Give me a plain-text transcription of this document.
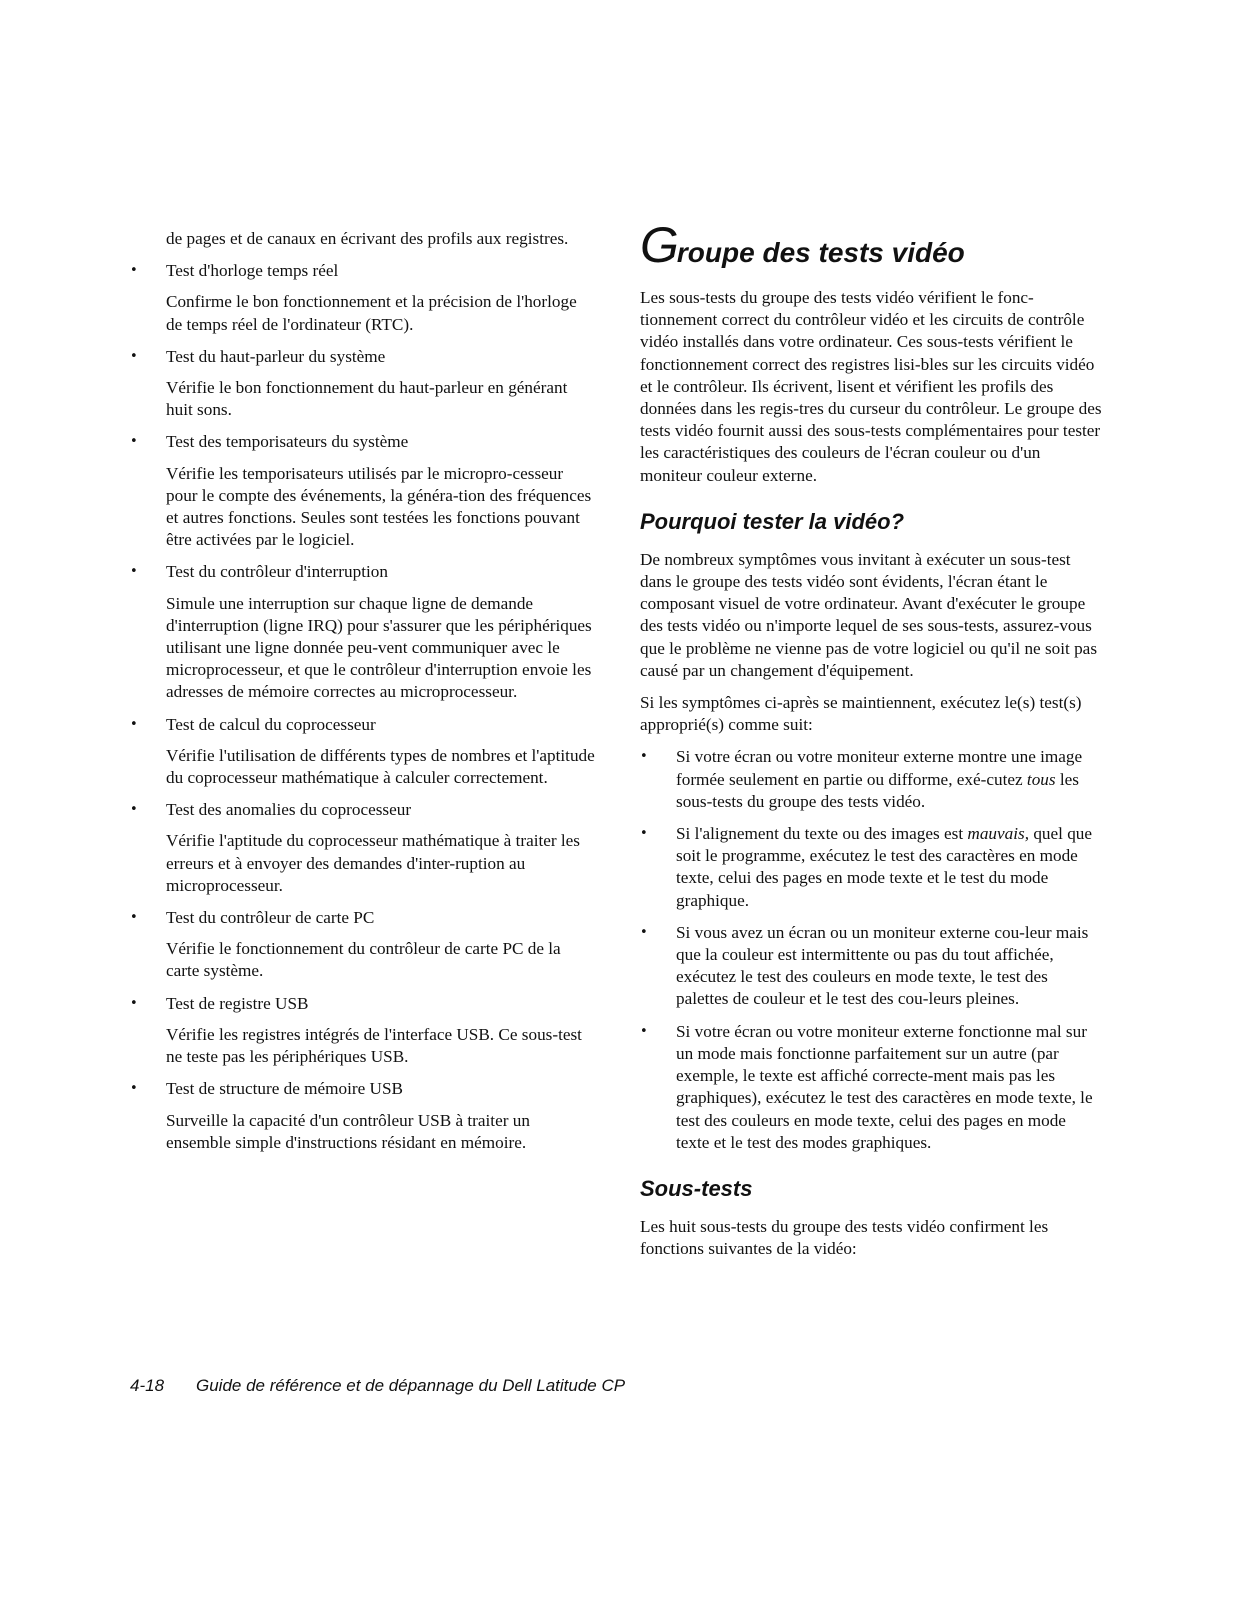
de pages et de canaux en écrivant des profils aux registres.

• Test d'horloge temps réel

Confirme le bon fonctionnement et la précision de l'horloge de temps réel de l'ordinateur (RTC).

• Test du haut-parleur du système

Vérifie le bon fonctionnement du haut-parleur en générant huit sons.

• Test des temporisateurs du système

Vérifie les temporisateurs utilisés par le micropro-cesseur pour le compte des événements, la généra-tion des fréquences et autres fonctions. Seules sont testées les fonctions pouvant être activées par le logiciel.

• Test du contrôleur d'interruption

Simule une interruption sur chaque ligne de demande d'interruption (ligne IRQ) pour s'assurer que les périphériques utilisant une ligne donnée peu-vent communiquer avec le microprocesseur, et que le contrôleur d'interruption envoie les adresses de mémoire correctes au microprocesseur.

• Test de calcul du coprocesseur

Vérifie l'utilisation de différents types de nombres et l'aptitude du coprocesseur mathématique à calculer correctement.

• Test des anomalies du coprocesseur

Vérifie l'aptitude du coprocesseur mathématique à traiter les erreurs et à envoyer des demandes d'inter-ruption au microprocesseur.

• Test du contrôleur de carte PC

Vérifie le fonctionnement du contrôleur de carte PC de la carte système.

• Test de registre USB

Vérifie les registres intégrés de l'interface USB. Ce sous-test ne teste pas les périphériques USB.

• Test de structure de mémoire USB

Surveille la capacité d'un contrôleur USB à traiter un ensemble simple d'instructions résidant en mémoire.

Groupe des tests vidéo

Les sous-tests du groupe des tests vidéo vérifient le fonc-tionnement correct du contrôleur vidéo et les circuits de contrôle vidéo installés dans votre ordinateur. Ces sous-tests vérifient le fonctionnement correct des registres lisi-bles sur les circuits vidéo et le contrôleur. Ils écrivent, lisent et vérifient les profils des données dans les regis-tres du curseur du contrôleur. Le groupe des tests vidéo fournit aussi des sous-tests complémentaires pour tester les caractéristiques des couleurs de l'écran couleur ou d'un moniteur couleur externe.

Pourquoi tester la vidéo?

De nombreux symptômes vous invitant à exécuter un sous-test dans le groupe des tests vidéo sont évidents, l'écran étant le composant visuel de votre ordinateur. Avant d'exécuter le groupe des tests vidéo ou n'importe lequel de ses sous-tests, assurez-vous que le problème ne vienne pas de votre logiciel ou qu'il ne soit pas causé par un changement d'équipement.

Si les symptômes ci-après se maintiennent, exécutez le(s) test(s) approprié(s) comme suit:

• Si votre écran ou votre moniteur externe montre une image formée seulement en partie ou difforme, exé-cutez tous les sous-tests du groupe des tests vidéo.
• Si l'alignement du texte ou des images est mauvais, quel que soit le programme, exécutez le test des caractères en mode texte, celui des pages en mode texte et le test du mode graphique.
• Si vous avez un écran ou un moniteur externe cou-leur mais que la couleur est intermittente ou pas du tout affichée, exécutez le test des couleurs en mode texte, le test des palettes de couleur et le test des cou-leurs pleines.
• Si votre écran ou votre moniteur externe fonctionne mal sur un mode mais fonctionne parfaitement sur un autre (par exemple, le texte est affiché correcte-ment mais pas les graphiques), exécutez le test des caractères en mode texte, le test des couleurs en mode texte, celui des pages en mode texte et le test des modes graphiques.
Sous-tests

Les huit sous-tests du groupe des tests vidéo confirment les fonctions suivantes de la vidéo:

4-18 Guide de référence et de dépannage du Dell Latitude CP
